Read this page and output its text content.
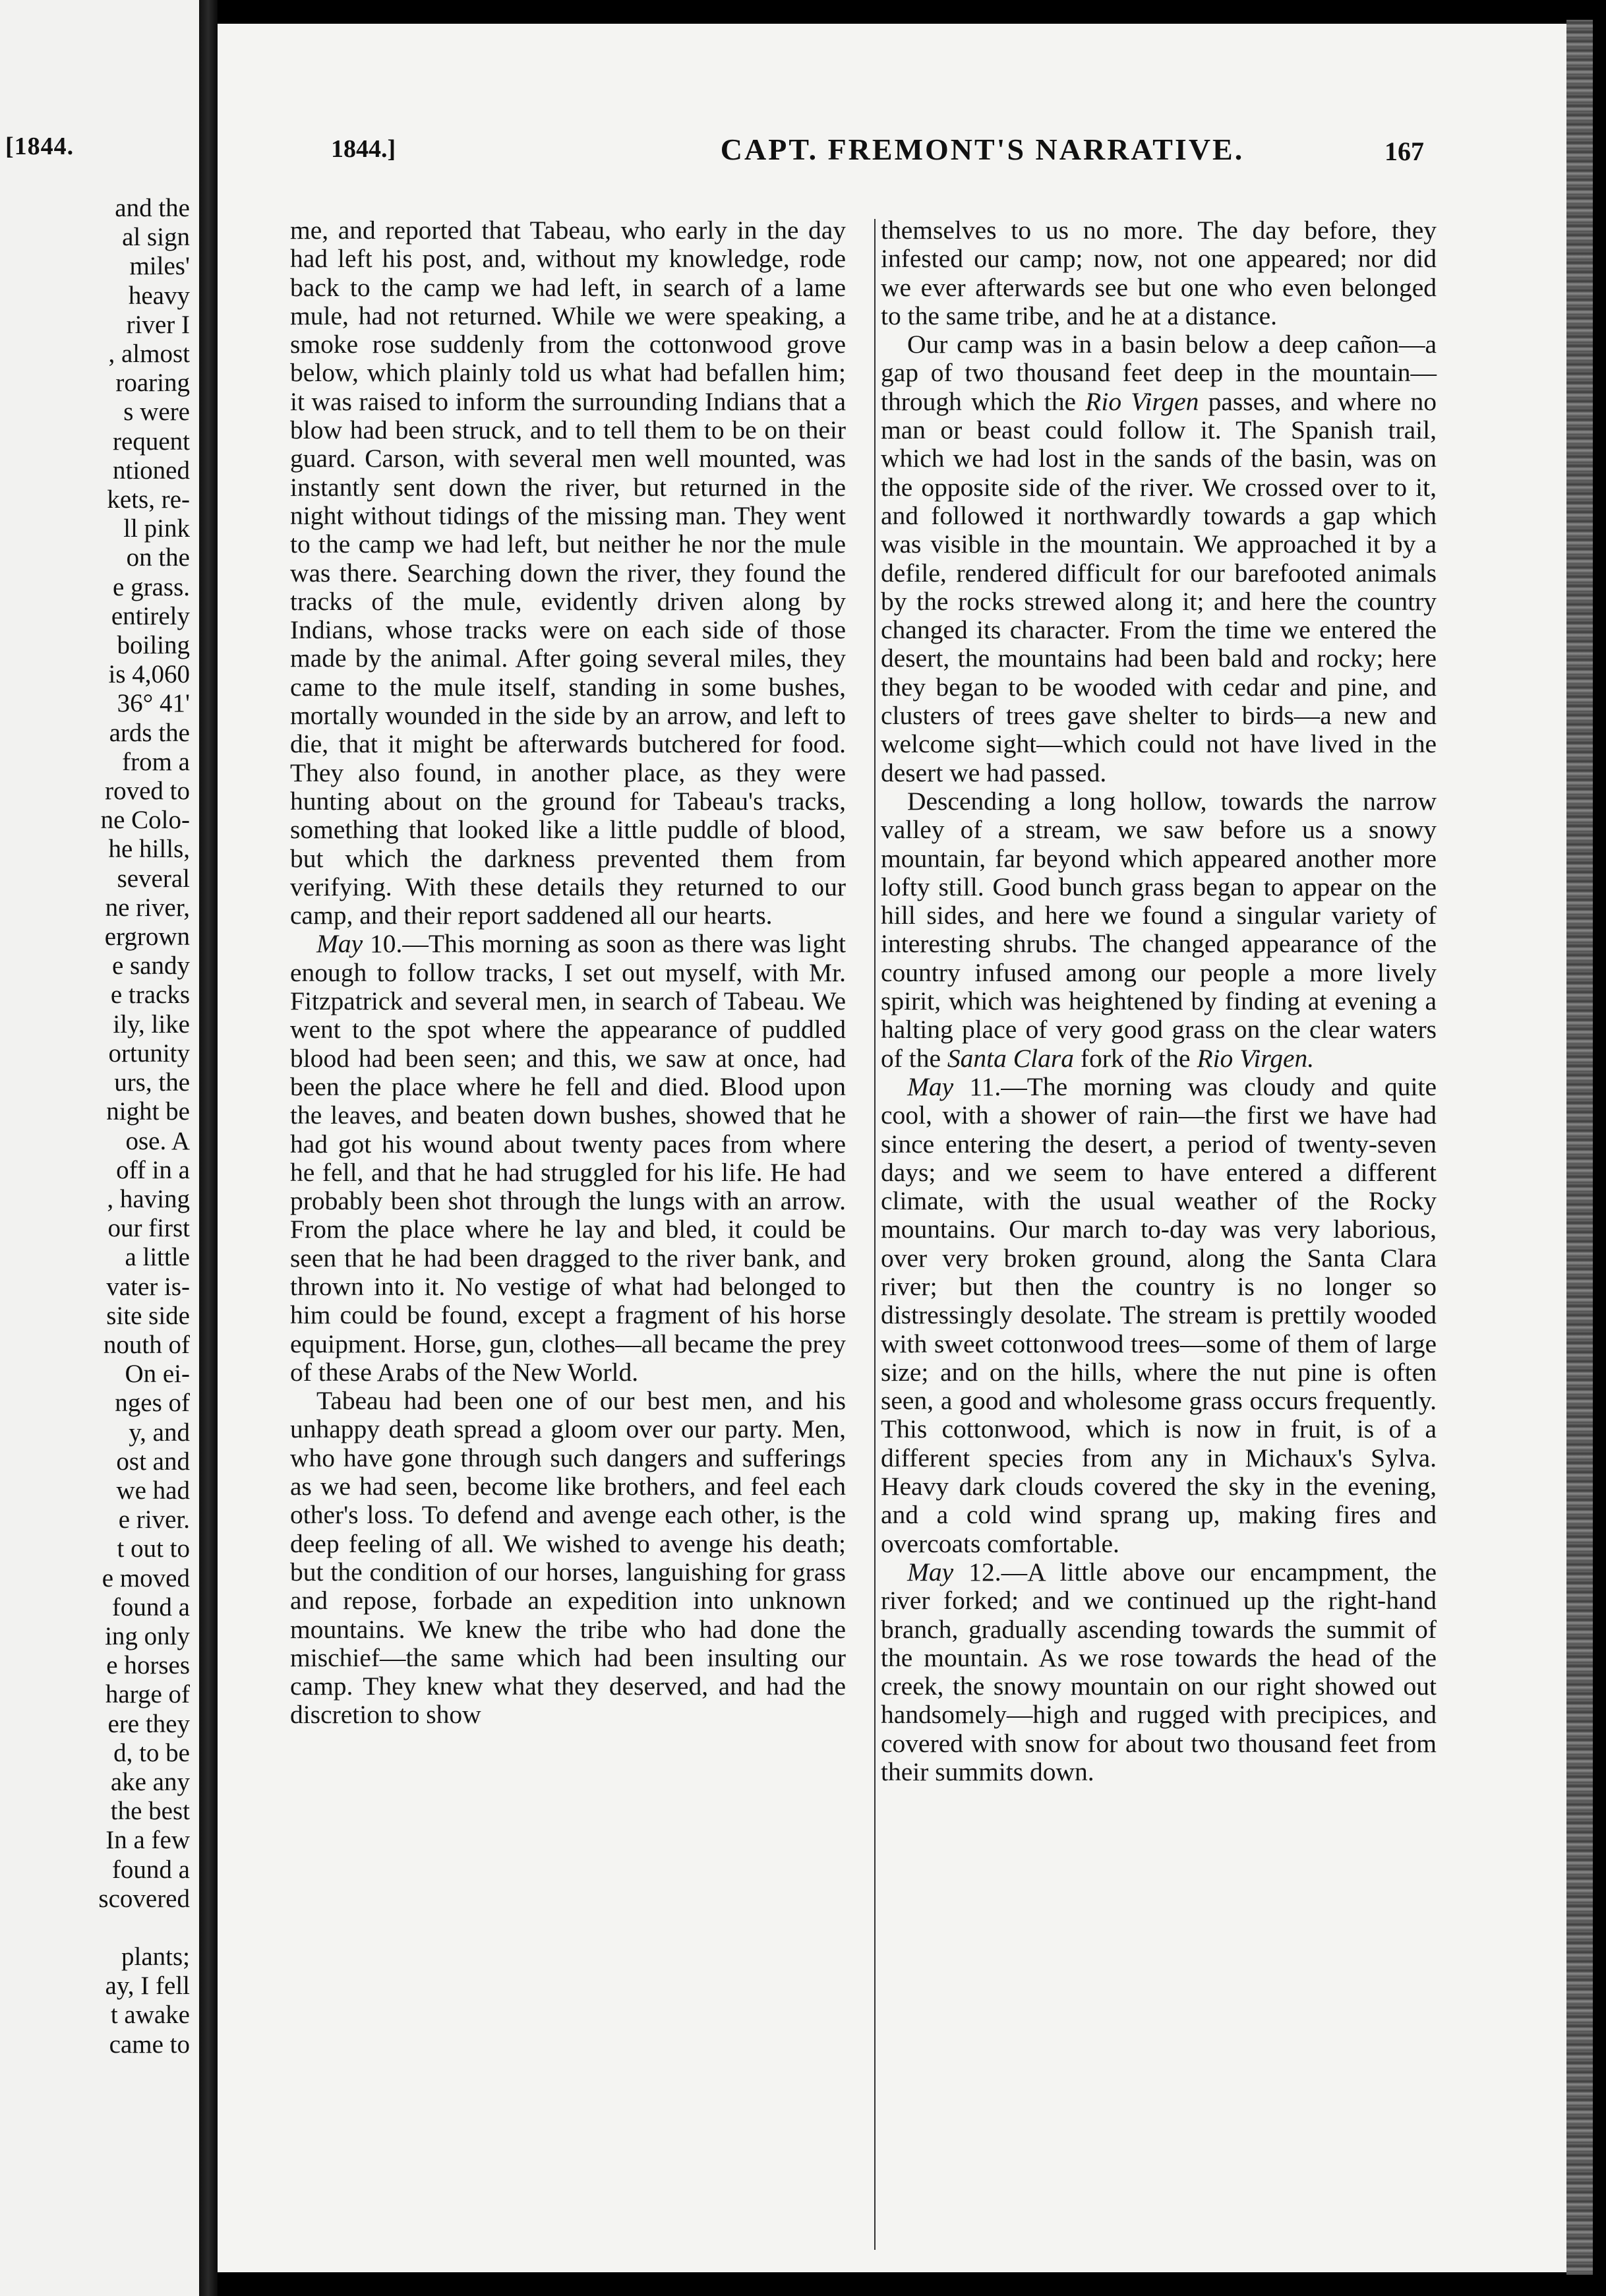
[1844.
and the
al sign
miles'
heavy
river I
, almost
roaring
s were
requent
ntioned
kets, re-
ll pink
on the
e grass.
entirely
boiling
is 4,060
36° 41'
ards the
from a
roved to
ne Colo-
he hills,
several
ne river,
ergrown
e sandy
e tracks
ily, like
ortunity
urs, the
night be
ose. A
off in a
, having
our first
a little
vater is-
site side
nouth of
On ei-
nges of
y, and
ost and
we had
e river.
t out to
e moved
found a
ing only
e horses
harge of
ere they
d, to be
ake any
the best
In a few
found a
scovered
plants;
ay, I fell
t awake
came to
1844.]	CAPT. FREMONT'S NARRATIVE.	167

me, and reported that Tabeau, who early in the day had left his post, and, without my knowledge, rode back to the camp we had left, in search of a lame mule, had not returned. While we were speaking, a smoke rose suddenly from the cottonwood grove below, which plainly told us what had befallen him; it was raised to inform the surrounding Indians that a blow had been struck, and to tell them to be on their guard. Carson, with several men well mounted, was instantly sent down the river, but returned in the night without tidings of the missing man. They went to the camp we had left, but neither he nor the mule was there. Searching down the river, they found the tracks of the mule, evidently driven along by Indians, whose tracks were on each side of those made by the animal. After going several miles, they came to the mule itself, standing in some bushes, mortally wounded in the side by an arrow, and left to die, that it might be afterwards butchered for food. They also found, in another place, as they were hunting about on the ground for Tabeau's tracks, something that looked like a little puddle of blood, but which the darkness prevented them from verifying. With these details they returned to our camp, and their report saddened all our hearts.

May 10.—This morning as soon as there was light enough to follow tracks, I set out myself, with Mr. Fitzpatrick and several men, in search of Tabeau. We went to the spot where the appearance of puddled blood had been seen; and this, we saw at once, had been the place where he fell and died. Blood upon the leaves, and beaten down bushes, showed that he had got his wound about twenty paces from where he fell, and that he had struggled for his life. He had probably been shot through the lungs with an arrow. From the place where he lay and bled, it could be seen that he had been dragged to the river bank, and thrown into it. No vestige of what had belonged to him could be found, except a fragment of his horse equipment. Horse, gun, clothes—all became the prey of these Arabs of the New World.

Tabeau had been one of our best men, and his unhappy death spread a gloom over our party. Men, who have gone through such dangers and sufferings as we had seen, become like brothers, and feel each other's loss. To defend and avenge each other, is the deep feeling of all. We wished to avenge his death; but the condition of our horses, languishing for grass and repose, forbade an expedition into unknown mountains. We knew the tribe who had done the mischief—the same which had been insulting our camp. They knew what they deserved, and had the discretion to show

themselves to us no more. The day before, they infested our camp; now, not one appeared; nor did we ever afterwards see but one who even belonged to the same tribe, and he at a distance.

Our camp was in a basin below a deep cañon—a gap of two thousand feet deep in the mountain—through which the Rio Virgen passes, and where no man or beast could follow it. The Spanish trail, which we had lost in the sands of the basin, was on the opposite side of the river. We crossed over to it, and followed it northwardly towards a gap which was visible in the mountain. We approached it by a defile, rendered difficult for our barefooted animals by the rocks strewed along it; and here the country changed its character. From the time we entered the desert, the mountains had been bald and rocky; here they began to be wooded with cedar and pine, and clusters of trees gave shelter to birds—a new and welcome sight—which could not have lived in the desert we had passed.

Descending a long hollow, towards the narrow valley of a stream, we saw before us a snowy mountain, far beyond which appeared another more lofty still. Good bunch grass began to appear on the hill sides, and here we found a singular variety of interesting shrubs. The changed appearance of the country infused among our people a more lively spirit, which was heightened by finding at evening a halting place of very good grass on the clear waters of the Santa Clara fork of the Rio Virgen.

May 11.—The morning was cloudy and quite cool, with a shower of rain—the first we have had since entering the desert, a period of twenty-seven days; and we seem to have entered a different climate, with the usual weather of the Rocky mountains. Our march to-day was very laborious, over very broken ground, along the Santa Clara river; but then the country is no longer so distressingly desolate. The stream is prettily wooded with sweet cottonwood trees—some of them of large size; and on the hills, where the nut pine is often seen, a good and wholesome grass occurs frequently. This cottonwood, which is now in fruit, is of a different species from any in Michaux's Sylva. Heavy dark clouds covered the sky in the evening, and a cold wind sprang up, making fires and overcoats comfortable.

May 12.—A little above our encampment, the river forked; and we continued up the right-hand branch, gradually ascending towards the summit of the mountain. As we rose towards the head of the creek, the snowy mountain on our right showed out handsomely—high and rugged with precipices, and covered with snow for about two thousand feet from their summits down.
